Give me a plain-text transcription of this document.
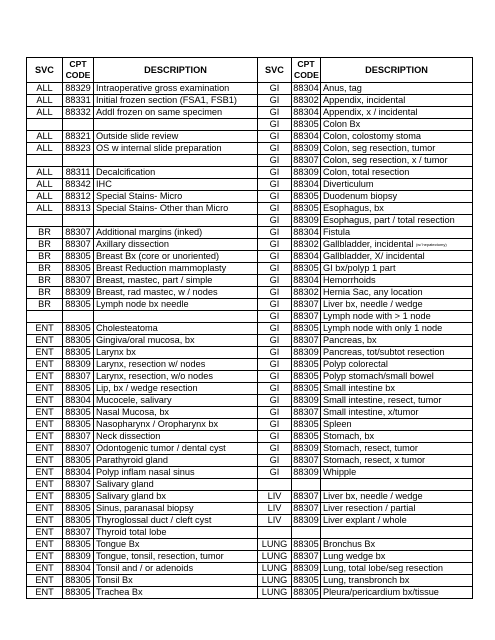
SVC	CPT
CODE	DESCRIPTION	SVC	CPT
CODE	DESCRIPTION
ALL	88329	Intraoperative gross examination	GI	88304	Anus, tag
ALL	88331	Initial frozen section (FSA1, FSB1)	GI	88302	Appendix, incidental
ALL	88332	Addl frozen on same specimen	GI	88304	Appendix, x / incidental
			GI	88305	Colon Bx
ALL	88321	Outside slide review	GI	88304	Colon, colostomy stoma
ALL	88323	OS w internal slide preparation	GI	88309	Colon, seg resection, tumor
			GI	88307	Colon, seg resection, x / tumor
ALL	88311	Decalcification	GI	88309	Colon, total resection
ALL	88342	IHC	GI	88304	Diverticulum
ALL	88312	Special Stains- Micro	GI	88305	Duodenum biopsy
ALL	88313	Special Stains- Other than Micro	GI	88305	Esophagus, bx
			GI	88309	Esophagus, part / total resection
BR	88307	Additional margins (inked)	GI	88304	Fistula
BR	88307	Axillary dissection	GI	88302	Gallbladder, incidental (w/ hepatectomy)
BR	88305	Breast Bx (core or unoriented)	GI	88304	Gallbladder, X/ incidental
BR	88305	Breast Reduction mammoplasty	GI	88305	GI bx/polyp 1 part
BR	88307	Breast, mastec, part / simple	GI	88304	Hemorrhoids
BR	88309	Breast, rad mastec, w / nodes	GI	88302	Hernia Sac, any location
BR	88305	Lymph node bx needle	GI	88307	Liver bx, needle / wedge
			GI	88307	Lymph node with > 1 node
ENT	88305	Cholesteatoma	GI	88305	Lymph node with only 1 node
ENT	88305	Gingiva/oral mucosa, bx	GI	88307	Pancreas, bx
ENT	88305	Larynx bx	GI	88309	Pancreas, tot/subtot resection
ENT	88309	Larynx, resection w/ nodes	GI	88305	Polyp colorectal
ENT	88307	Larynx, resection, w/o nodes	GI	88305	Polyp stomach/small bowel
ENT	88305	Lip, bx / wedge resection	GI	88305	Small intestine bx
ENT	88304	Mucocele, salivary	GI	88309	Small intestine, resect, tumor
ENT	88305	Nasal Mucosa, bx	GI	88307	Small intestine, x/tumor
ENT	88305	Nasopharynx / Oropharynx bx	GI	88305	Spleen
ENT	88307	Neck dissection	GI	88305	Stomach, bx
ENT	88307	Odontogenic tumor / dental cyst	GI	88309	Stomach, resect, tumor
ENT	88305	Parathyroid gland	GI	88307	Stomach, resect, x tumor
ENT	88304	Polyp inflam nasal sinus	GI	88309	Whipple
ENT	88307	Salivary gland			
ENT	88305	Salivary gland bx	LIV	88307	Liver bx, needle / wedge
ENT	88305	Sinus, paranasal biopsy	LIV	88307	Liver resection / partial
ENT	88305	Thyroglossal duct / cleft cyst	LIV	88309	Liver explant / whole
ENT	88307	Thyroid total lobe			
ENT	88305	Tongue Bx	LUNG	88305	Bronchus Bx
ENT	88309	Tongue, tonsil, resection, tumor	LUNG	88307	Lung wedge bx
ENT	88304	Tonsil and / or adenoids	LUNG	88309	Lung, total lobe/seg resection
ENT	88305	Tonsil Bx	LUNG	88305	Lung, transbronch bx
ENT	88305	Trachea Bx	LUNG	88305	Pleura/pericardium bx/tissue
